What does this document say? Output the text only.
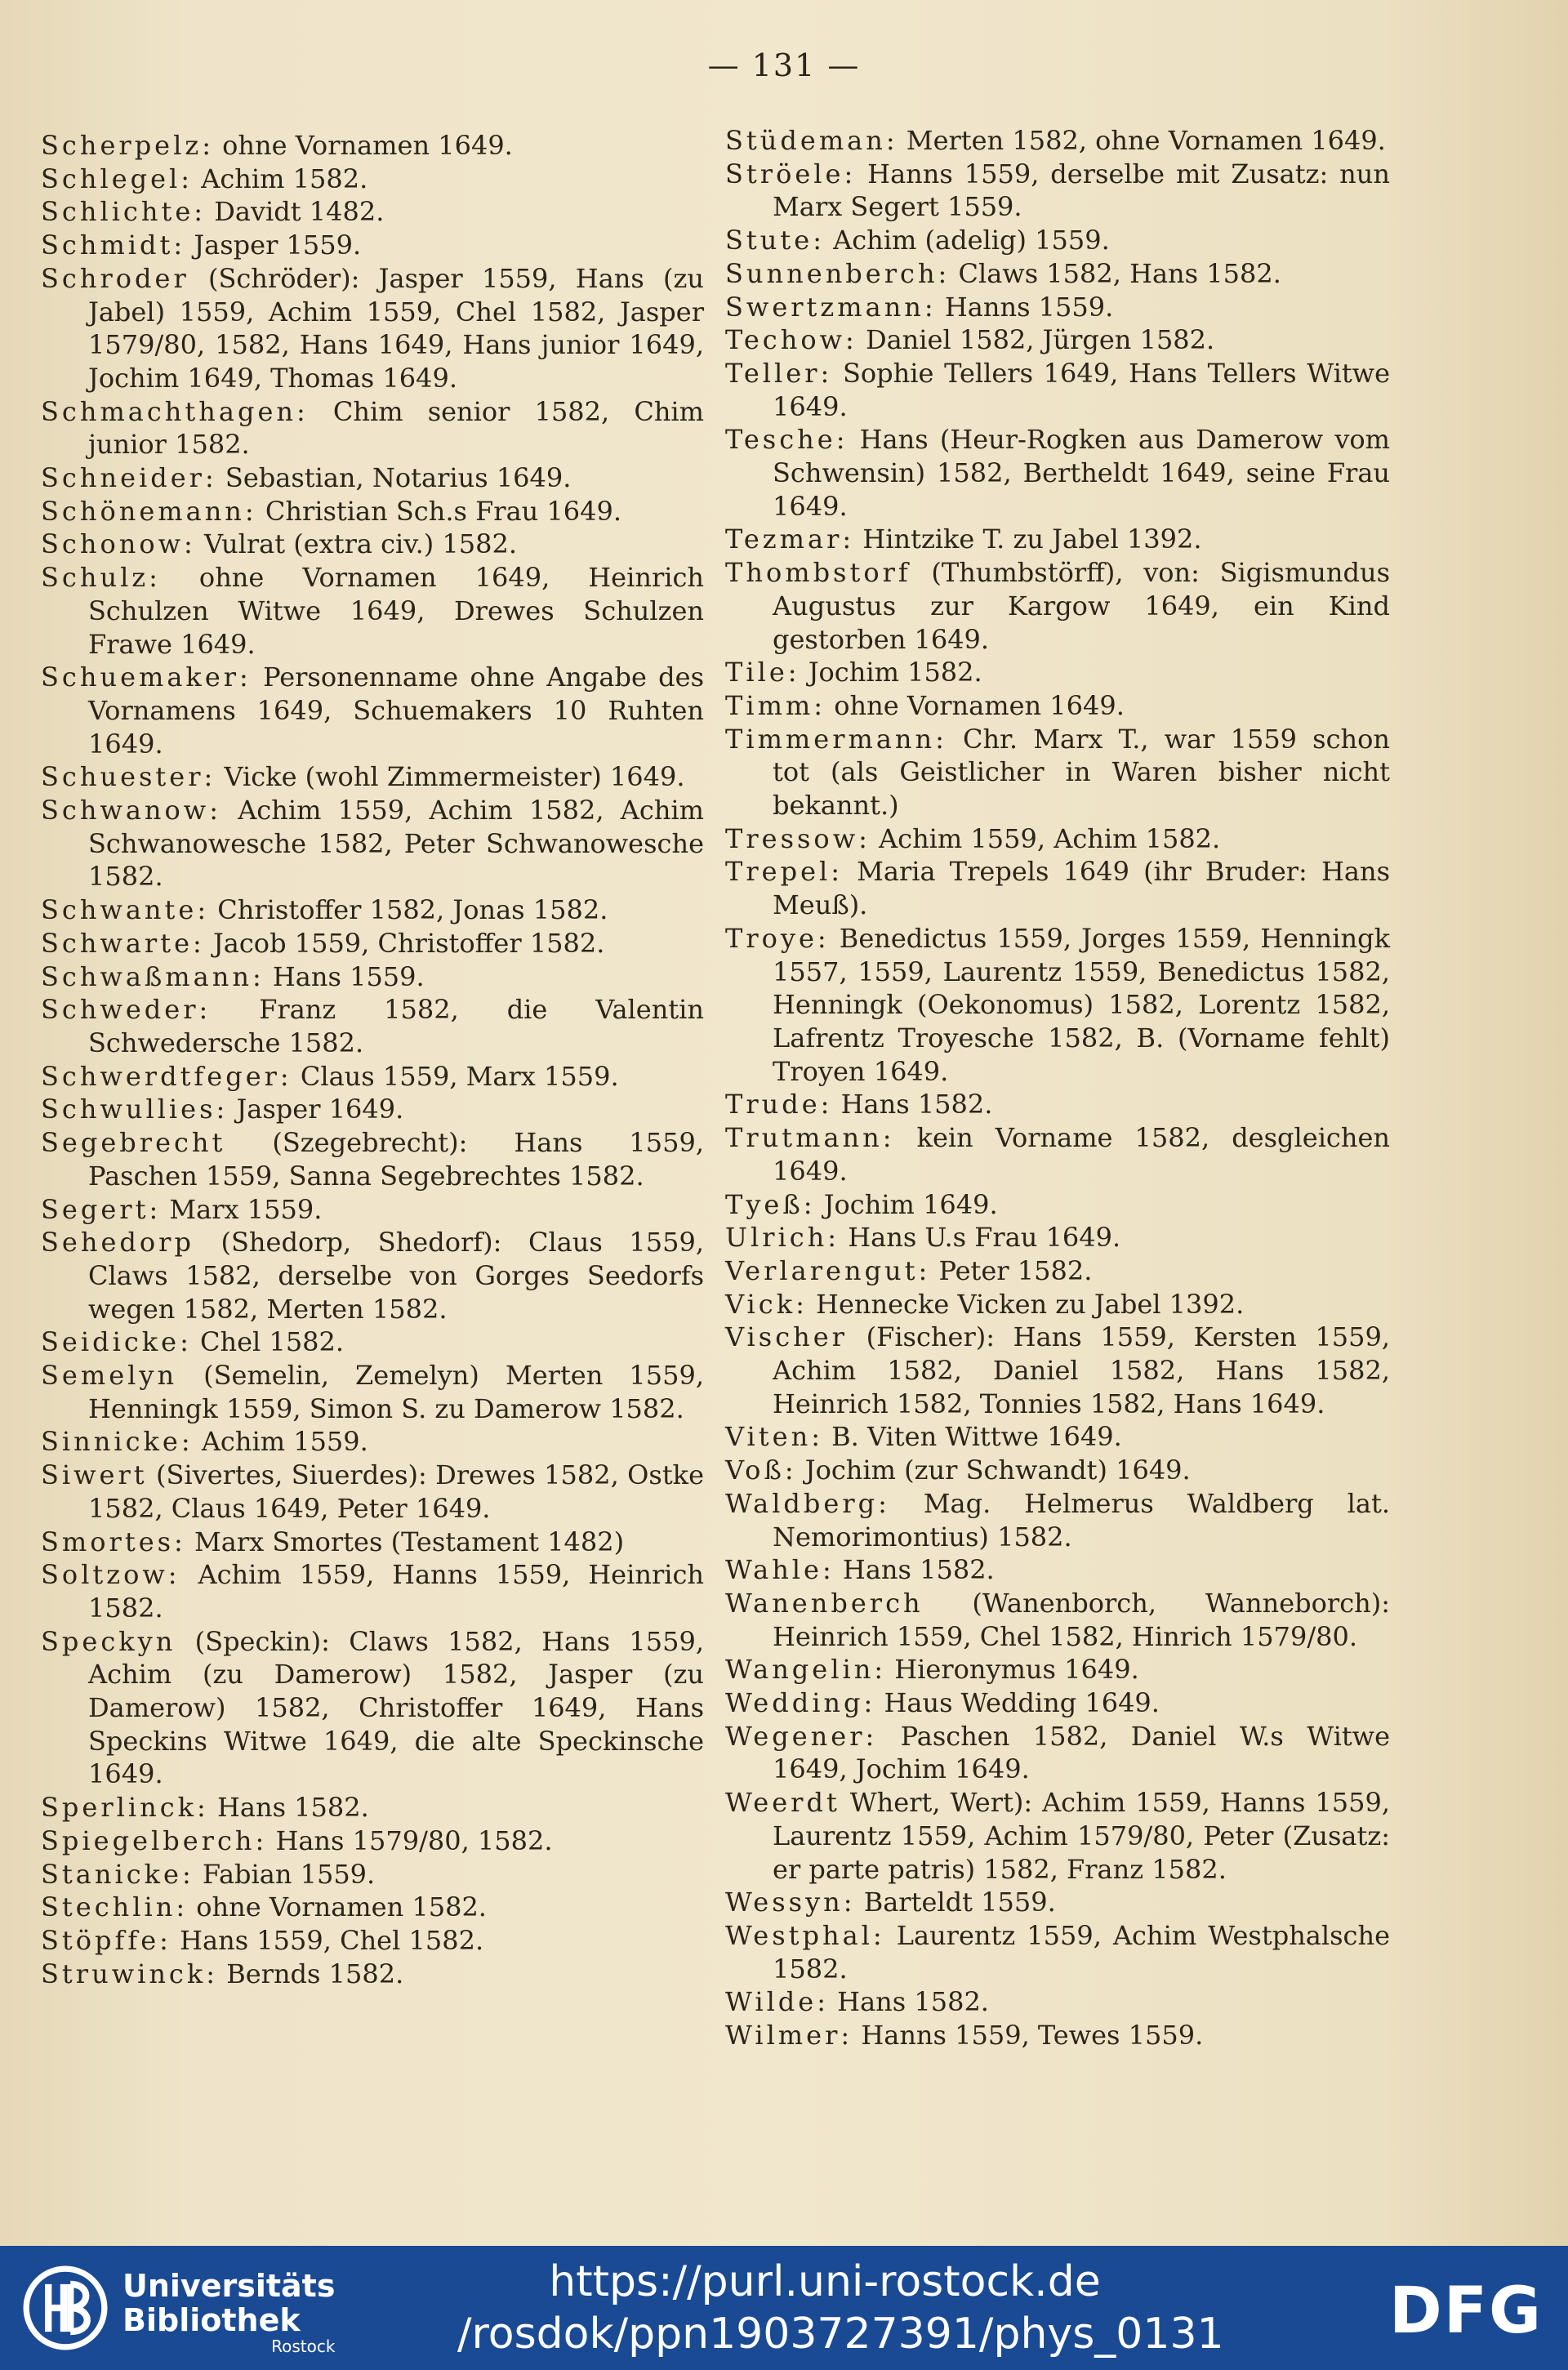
— 131 —

Scherpelz: ohne Vornamen 1649.

Schlegel: Achim 1582.

Schlichte: Davidt 1482.

Schmidt: Jasper 1559.

Schroder (Schröder): Jasper 1559, Hans (zu Jabel) 1559, Achim 1559, Chel 1582, Jasper 1579/80, 1582, Hans 1649, Hans junior 1649, Jochim 1649, Thomas 1649.

Schmachthagen: Chim senior 1582, Chim junior 1582.

Schneider: Sebastian, Notarius 1649.

Schönemann: Christian Sch.s Frau 1649.

Schonow: Vulrat (extra civ.) 1582.

Schulz: ohne Vornamen 1649, Heinrich Schulzen Witwe 1649, Drewes Schulzen Frawe 1649.

Schuemaker: Personenname ohne Angabe des Vornamens 1649, Schuemakers 10 Ruhten 1649.

Schuester: Vicke (wohl Zimmermeister) 1649.

Schwanow: Achim 1559, Achim 1582, Achim Schwanowesche 1582, Peter Schwanowesche 1582.

Schwante: Christoffer 1582, Jonas 1582.

Schwarte: Jacob 1559, Christoffer 1582.

Schwaßmann: Hans 1559.

Schweder: Franz 1582, die Valentin Schwedersche 1582.

Schwerdtfeger: Claus 1559, Marx 1559.

Schwullies: Jasper 1649.

Segebrecht (Szegebrecht): Hans 1559, Paschen 1559, Sanna Segebrechtes 1582.

Segert: Marx 1559.

Sehedorp (Shedorp, Shedorf): Claus 1559, Claws 1582, derselbe von Gorges Seedorfs wegen 1582, Merten 1582.

Seidicke: Chel 1582.

Semelyn (Semelin, Zemelyn) Merten 1559, Henningk 1559, Simon S. zu Damerow 1582.

Sinnicke: Achim 1559.

Siwert (Sivertes, Siuerdes): Drewes 1582, Ostke 1582, Claus 1649, Peter 1649.

Smortes: Marx Smortes (Testament 1482)

Soltzow: Achim 1559, Hanns 1559, Heinrich 1582.

Speckyn (Speckin): Claws 1582, Hans 1559, Achim (zu Damerow) 1582, Jasper (zu Damerow) 1582, Christoffer 1649, Hans Speckins Witwe 1649, die alte Speckinsche 1649.

Sperlinck: Hans 1582.

Spiegelberch: Hans 1579/80, 1582.

Stanicke: Fabian 1559.

Stechlin: ohne Vornamen 1582.

Stöpffe: Hans 1559, Chel 1582.

Struwinck: Bernds 1582.

Stüdeman: Merten 1582, ohne Vornamen 1649.

Ströele: Hanns 1559, derselbe mit Zusatz: nun Marx Segert 1559.

Stute: Achim (adelig) 1559.

Sunnenberch: Claws 1582, Hans 1582.

Swertzmann: Hanns 1559.

Techow: Daniel 1582, Jürgen 1582.

Teller: Sophie Tellers 1649, Hans Tellers Witwe 1649.

Tesche: Hans (Heur-Rogken aus Damerow vom Schwensin) 1582, Bertheldt 1649, seine Frau 1649.

Tezmar: Hintzike T. zu Jabel 1392.

Thombstorf (Thumbstörff), von: Sigismundus Augustus zur Kargow 1649, ein Kind gestorben 1649.

Tile: Jochim 1582.

Timm: ohne Vornamen 1649.

Timmermann: Chr. Marx T., war 1559 schon tot (als Geistlicher in Waren bisher nicht bekannt.)

Tressow: Achim 1559, Achim 1582.

Trepel: Maria Trepels 1649 (ihr Bruder: Hans Meuß).

Troye: Benedictus 1559, Jorges 1559, Henningk 1557, 1559, Laurentz 1559, Benedictus 1582, Henningk (Oekonomus) 1582, Lorentz 1582, Lafrentz Troyesche 1582, B. (Vorname fehlt) Troyen 1649.

Trude: Hans 1582.

Trutmann: kein Vorname 1582, desgleichen 1649.

Tyeß: Jochim 1649.

Ulrich: Hans U.s Frau 1649.

Verlarengut: Peter 1582.

Vick: Hennecke Vicken zu Jabel 1392.

Vischer (Fischer): Hans 1559, Kersten 1559, Achim 1582, Daniel 1582, Hans 1582, Heinrich 1582, Tonnies 1582, Hans 1649.

Viten: B. Viten Wittwe 1649.

Voß: Jochim (zur Schwandt) 1649.

Waldberg: Mag. Helmerus Waldberg lat. Nemorimontius) 1582.

Wahle: Hans 1582.

Wanenberch (Wanenborch, Wanneborch): Heinrich 1559, Chel 1582, Hinrich 1579/80.

Wangelin: Hieronymus 1649.

Wedding: Haus Wedding 1649.

Wegener: Paschen 1582, Daniel W.s Witwe 1649, Jochim 1649.

Weerdt Whert, Wert): Achim 1559, Hanns 1559, Laurentz 1559, Achim 1579/80, Peter (Zusatz: er parte patris) 1582, Franz 1582.

Wessyn: Barteldt 1559.

Westphal: Laurentz 1559, Achim Westphalsche 1582.

Wilde: Hans 1582.

Wilmer: Hanns 1559, Tewes 1559.

Universitäts
Bibliothek
Rostock
https://purl.uni-rostock.de
/rosdok/ppn1903727391/phys_0131	DFG
